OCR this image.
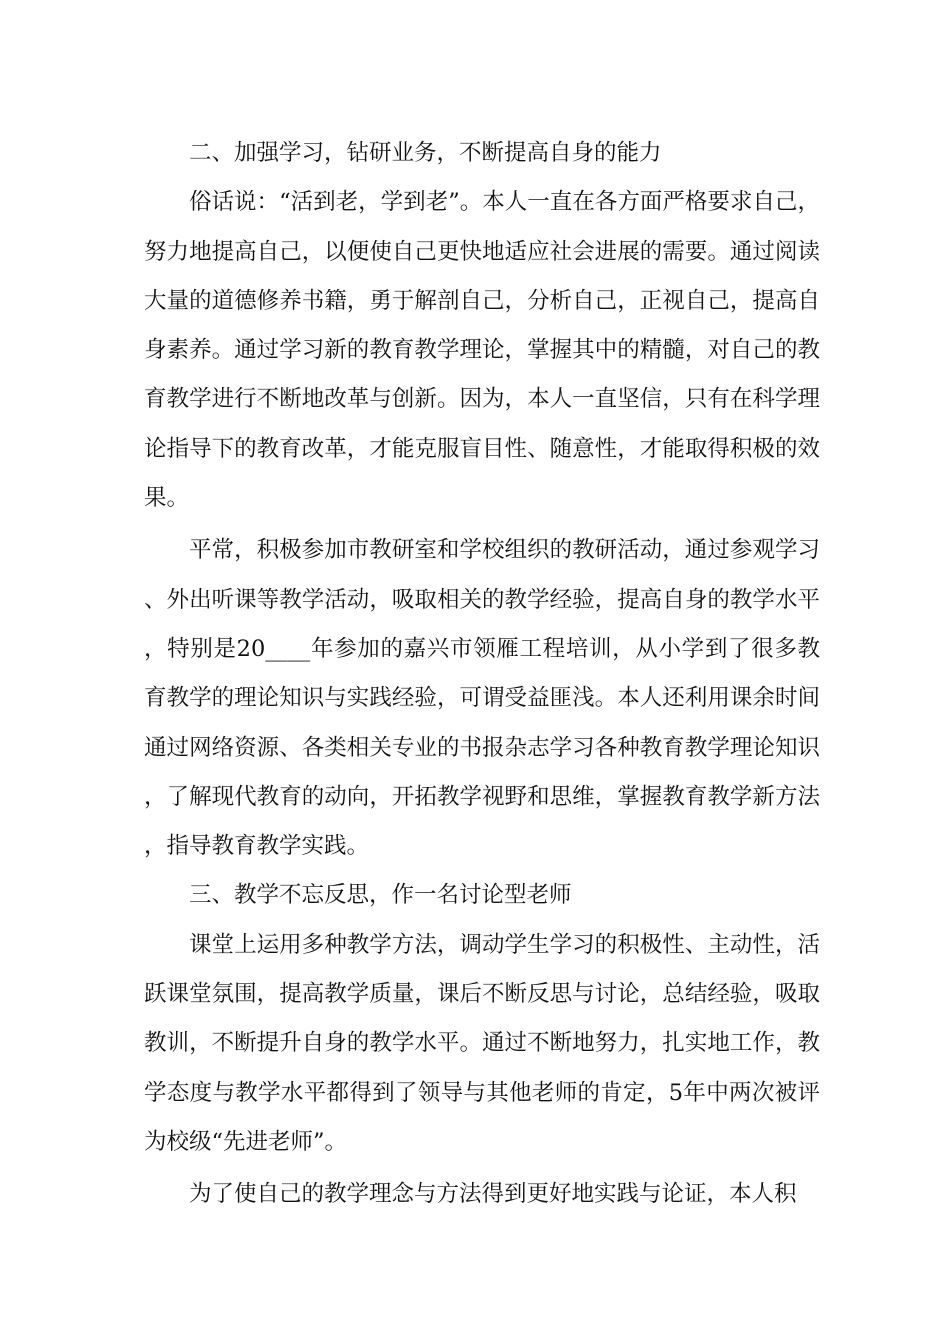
二、加强学习，钻研业务，不断提高自身的能力

俗话说：“活到老，学到老”。本人一直在各方面严格要求自己，努力地提高自己，以便使自己更快地适应社会进展的需要。通过阅读大量的道德修养书籍，勇于解剖自己，分析自己，正视自己，提高自身素养。通过学习新的教育教学理论，掌握其中的精髓，对自己的教育教学进行不断地改革与创新。因为，本人一直坚信，只有在科学理论指导下的教育改革，才能克服盲目性、随意性，才能取得积极的效果。

平常，积极参加市教研室和学校组织的教研活动，通过参观学习、外出听课等教学活动，吸取相关的教学经验，提高自身的教学水平，特别是20____年参加的嘉兴市领雁工程培训，从小学到了很多教育教学的理论知识与实践经验，可谓受益匪浅。本人还利用课余时间通过网络资源、各类相关专业的书报杂志学习各种教育教学理论知识，了解现代教育的动向，开拓教学视野和思维，掌握教育教学新方法，指导教育教学实践。

三、教学不忘反思，作一名讨论型老师

课堂上运用多种教学方法，调动学生学习的积极性、主动性，活跃课堂氛围，提高教学质量，课后不断反思与讨论，总结经验，吸取教训，不断提升自身的教学水平。通过不断地努力，扎实地工作，教学态度与教学水平都得到了领导与其他老师的肯定，5年中两次被评为校级“先进老师”。

为了使自己的教学理念与方法得到更好地实践与论证，本人积
